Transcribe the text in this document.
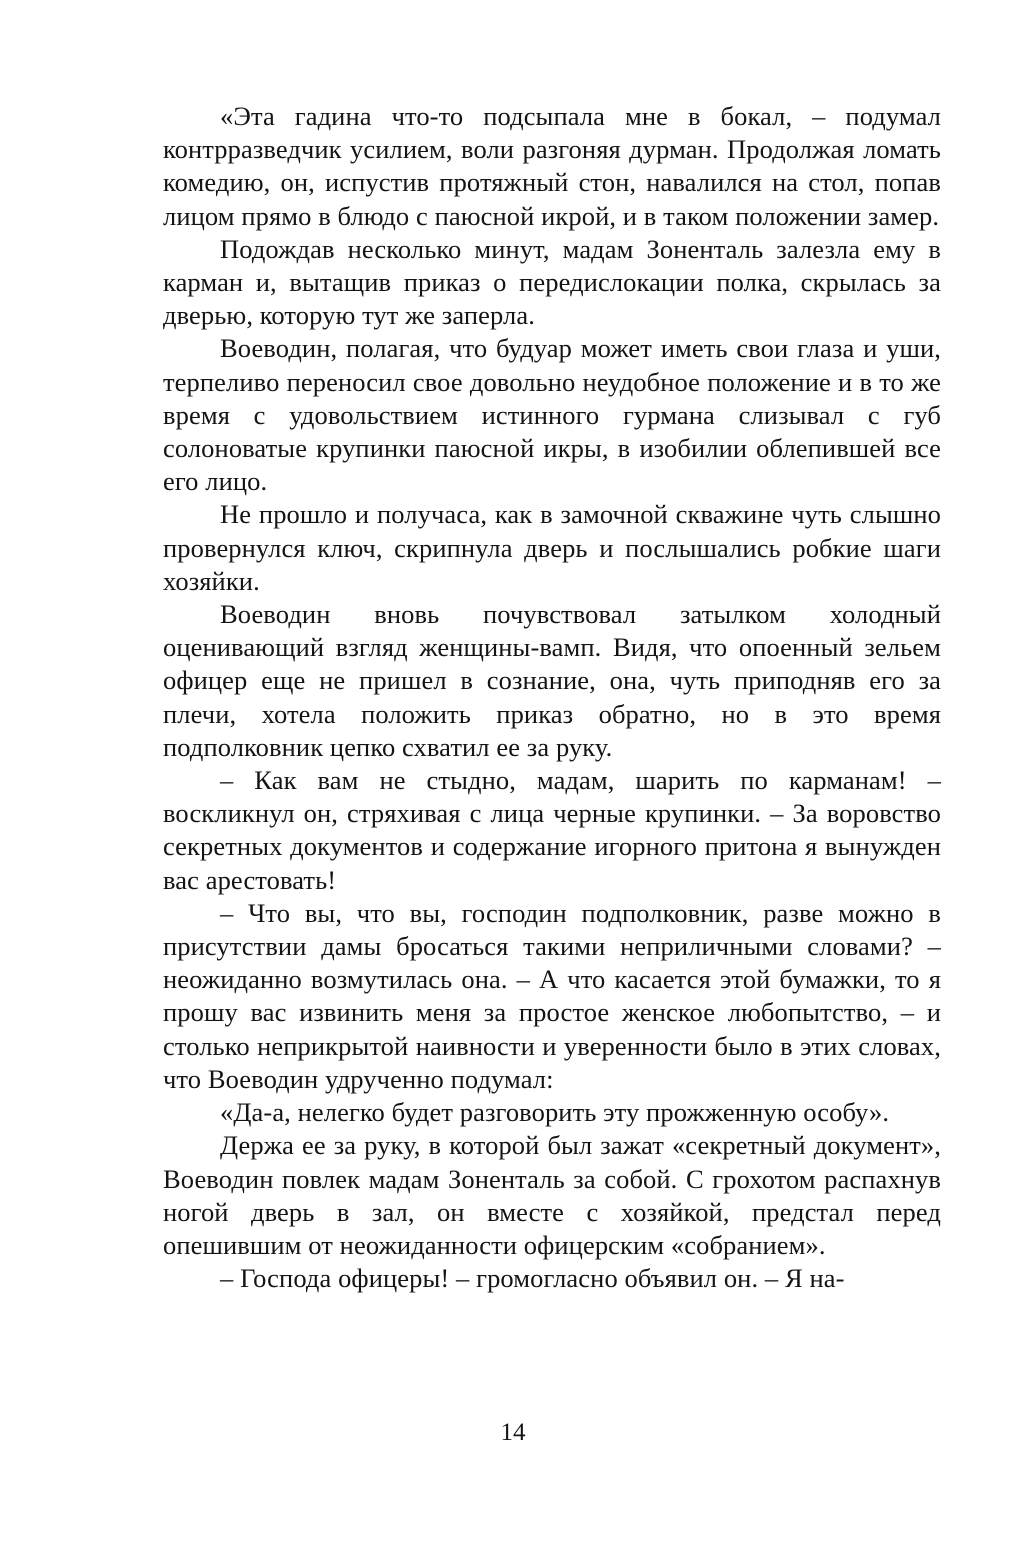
«Эта гадина что-то подсыпала мне в бокал, – подумал контрразведчик усилием, воли разгоняя дурман. Продолжая ломать комедию, он, испустив протяжный стон, навалился на стол, попав лицом прямо в блюдо с паюсной икрой, и в таком положении замер.

Подождав несколько минут, мадам Зоненталь залезла ему в карман и, вытащив приказ о передислокации полка, скрылась за дверью, которую тут же заперла.

Воеводин, полагая, что будуар может иметь свои глаза и уши, терпеливо переносил свое довольно неудобное положение и в то же время с удовольствием истинного гурмана слизывал с губ солоноватые крупинки паюсной икры, в изобилии облепившей все его лицо.

Не прошло и получаса, как в замочной скважине чуть слышно провернулся ключ, скрипнула дверь и послышались робкие шаги хозяйки.

Воеводин вновь почувствовал затылком холодный оценивающий взгляд женщины-вамп. Видя, что опоенный зельем офицер еще не пришел в сознание, она, чуть приподняв его за плечи, хотела положить приказ обратно, но в это время подполковник цепко схватил ее за руку.

– Как вам не стыдно, мадам, шарить по карманам! – воскликнул он, стряхивая с лица черные крупинки. – За воровство секретных документов и содержание игорного притона я вынужден вас арестовать!

– Что вы, что вы, господин подполковник, разве можно в присутствии дамы бросаться такими неприличными словами? – неожиданно возмутилась она. – А что касается этой бумажки, то я прошу вас извинить меня за простое женское любопытство, – и столько неприкрытой наивности и уверенности было в этих словах, что Воеводин удрученно подумал:

«Да-а, нелегко будет разговорить эту прожженную особу».

Держа ее за руку, в которой был зажат «секретный документ», Воеводин повлек мадам Зоненталь за собой. С грохотом распахнув ногой дверь в зал, он вместе с хозяйкой, предстал перед опешившим от неожиданности офицерским «собранием».

– Господа офицеры! – громогласно объявил он. – Я на-

14
